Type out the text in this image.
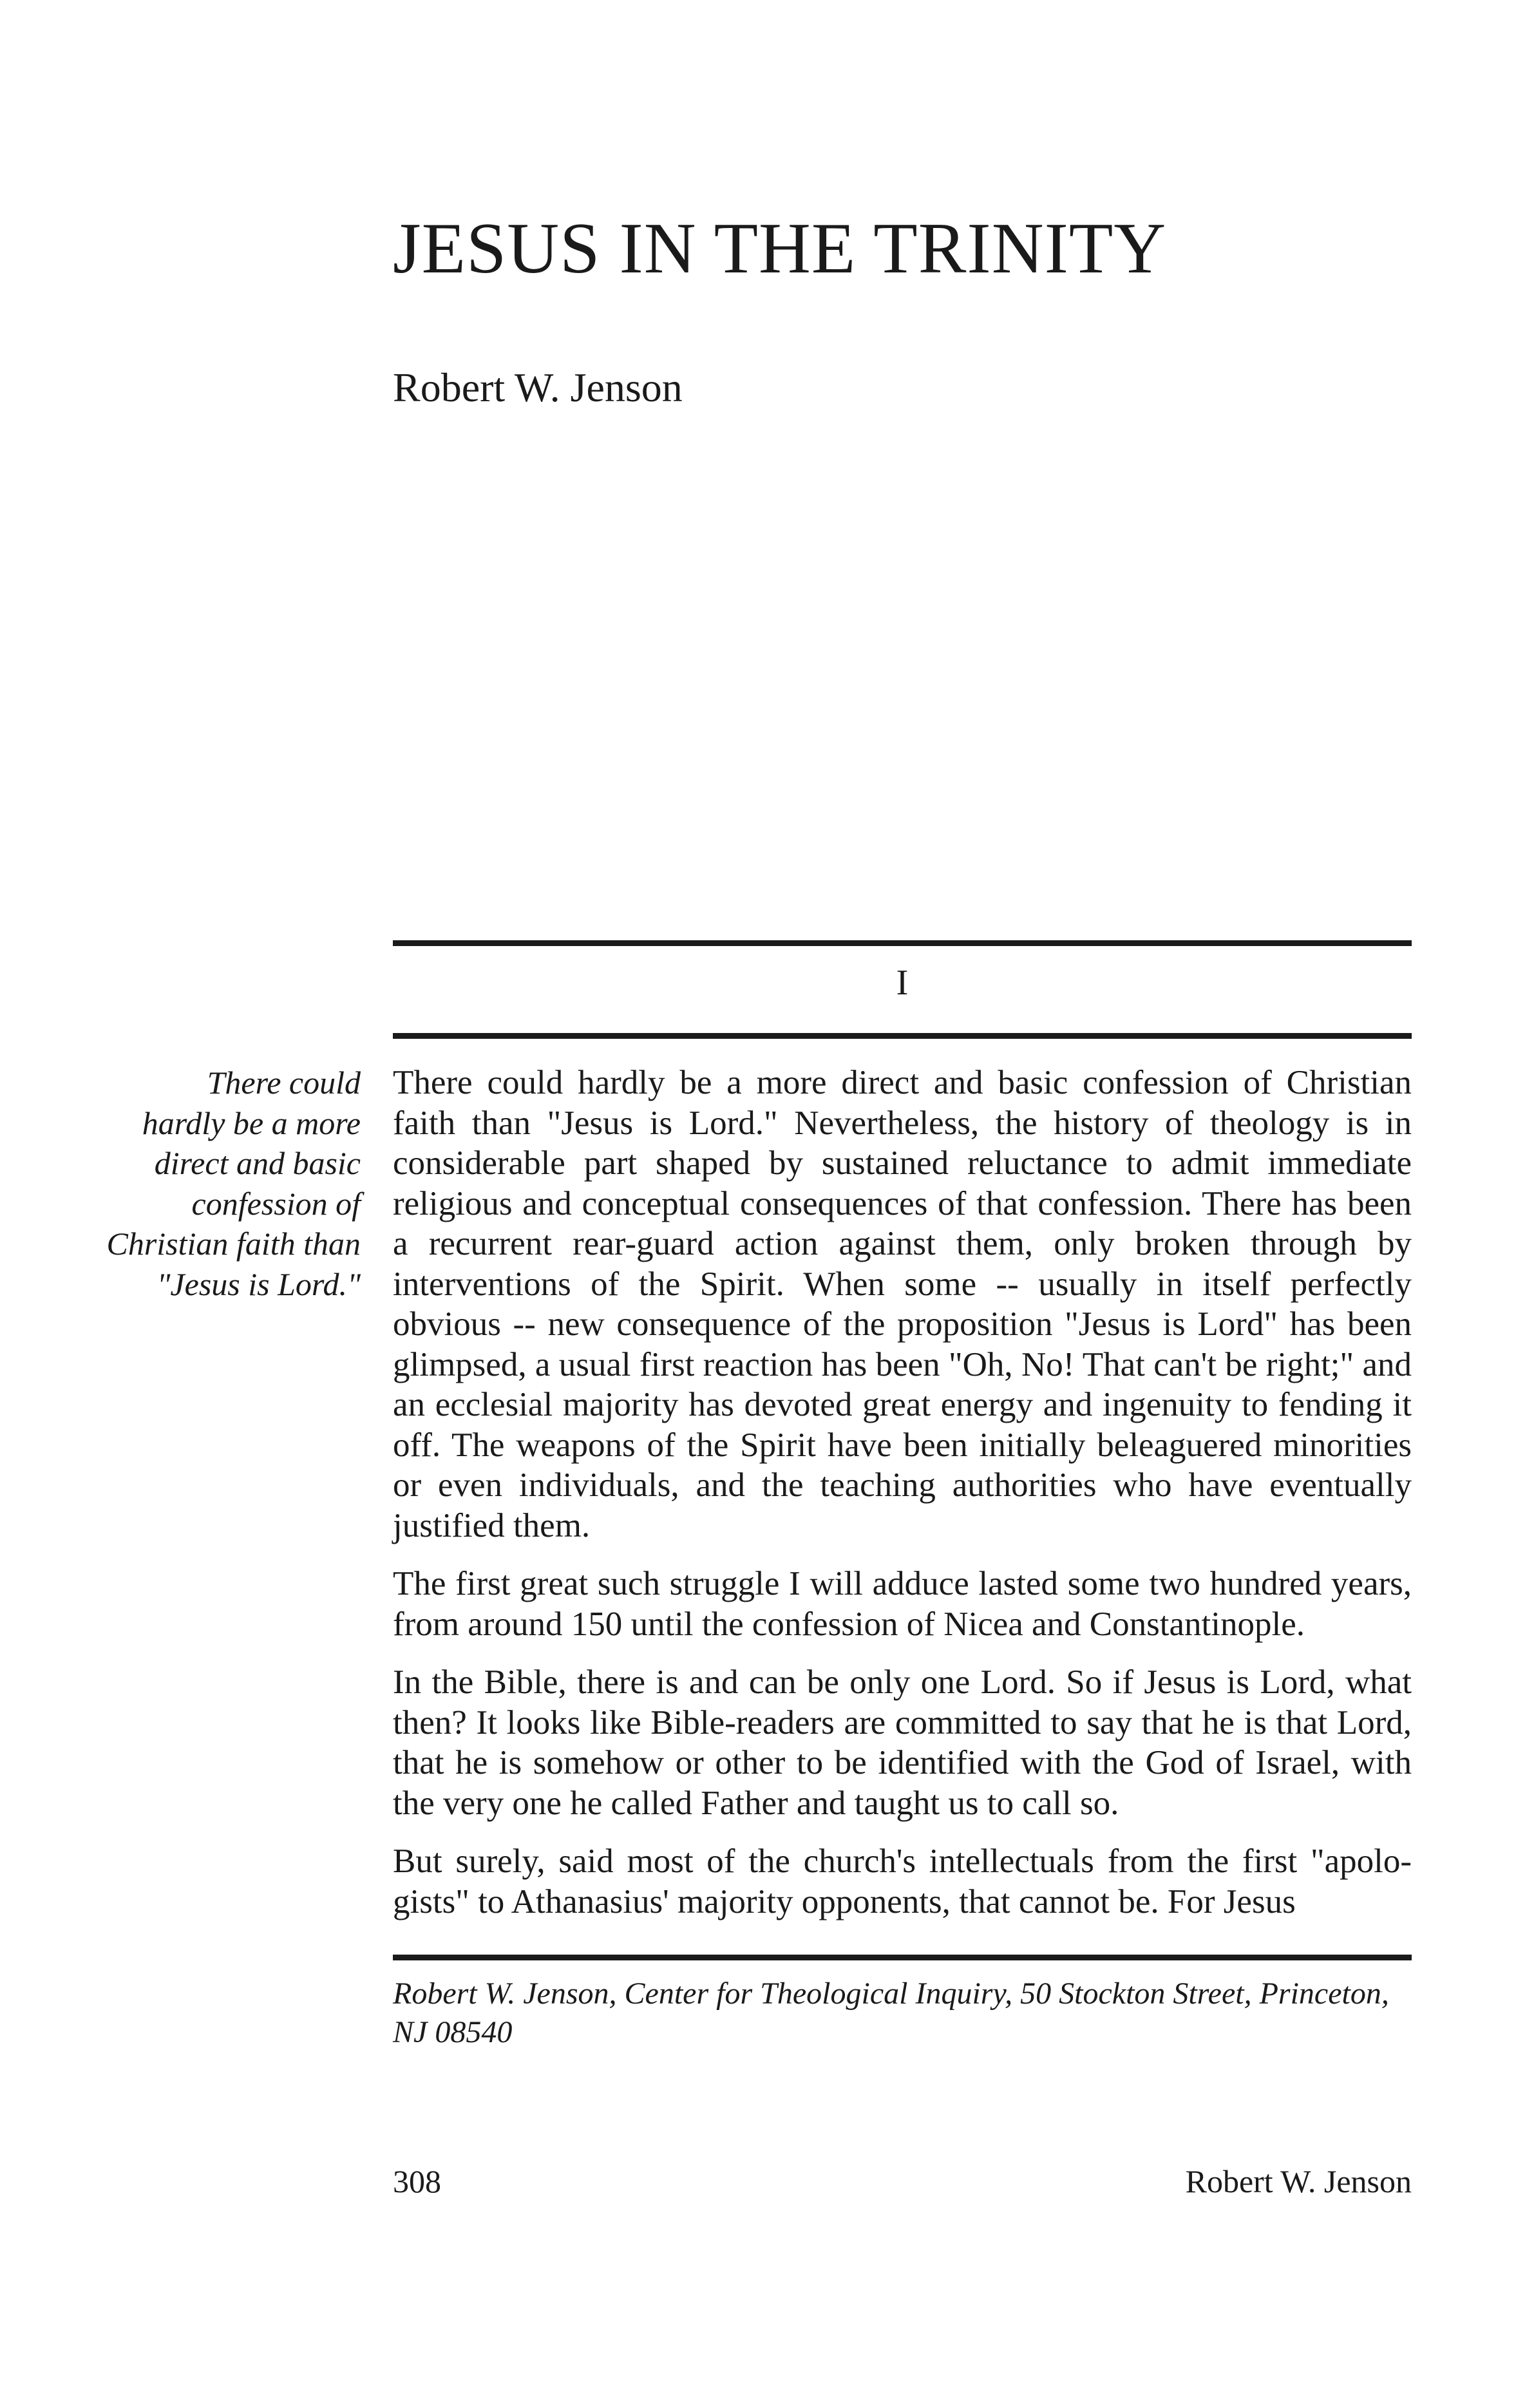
JESUS IN THE TRINITY
Robert W. Jenson
I
There could
hardly be a more
direct and basic
confession of
Christian faith than
"Jesus is Lord."

There could hardly be a more direct and basic confession of Christian faith than "Jesus is Lord." Nevertheless, the history of theology is in considerable part shaped by sustained reluctance to admit immediate religious and conceptual consequences of that confession. There has been a recurrent rear-guard action against them, only broken through by interventions of the Spirit. When some -- usually in itself perfectly obvious -- new consequence of the proposition "Jesus is Lord" has been glimpsed, a usual first reaction has been "Oh, No! That can't be right;" and an ecclesial majority has devoted great energy and ingenuity to fending it off. The weapons of the Spirit have been initially beleaguered minorities or even individuals, and the teaching authorities who have eventually justified them.

The first great such struggle I will adduce lasted some two hundred years, from around 150 until the confession of Nicea and Constantinople.

In the Bible, there is and can be only one Lord. So if Jesus is Lord, what then? It looks like Bible-readers are committed to say that he is that Lord, that he is somehow or other to be identified with the God of Israel, with the very one he called Father and taught us to call so.

But surely, said most of the church's intellectuals from the first "apologists" to Athanasius' majority opponents, that cannot be. For Jesus

Robert W. Jenson, Center for Theological Inquiry, 50 Stockton Street, Princeton, NJ 08540
308	Robert W. Jenson
